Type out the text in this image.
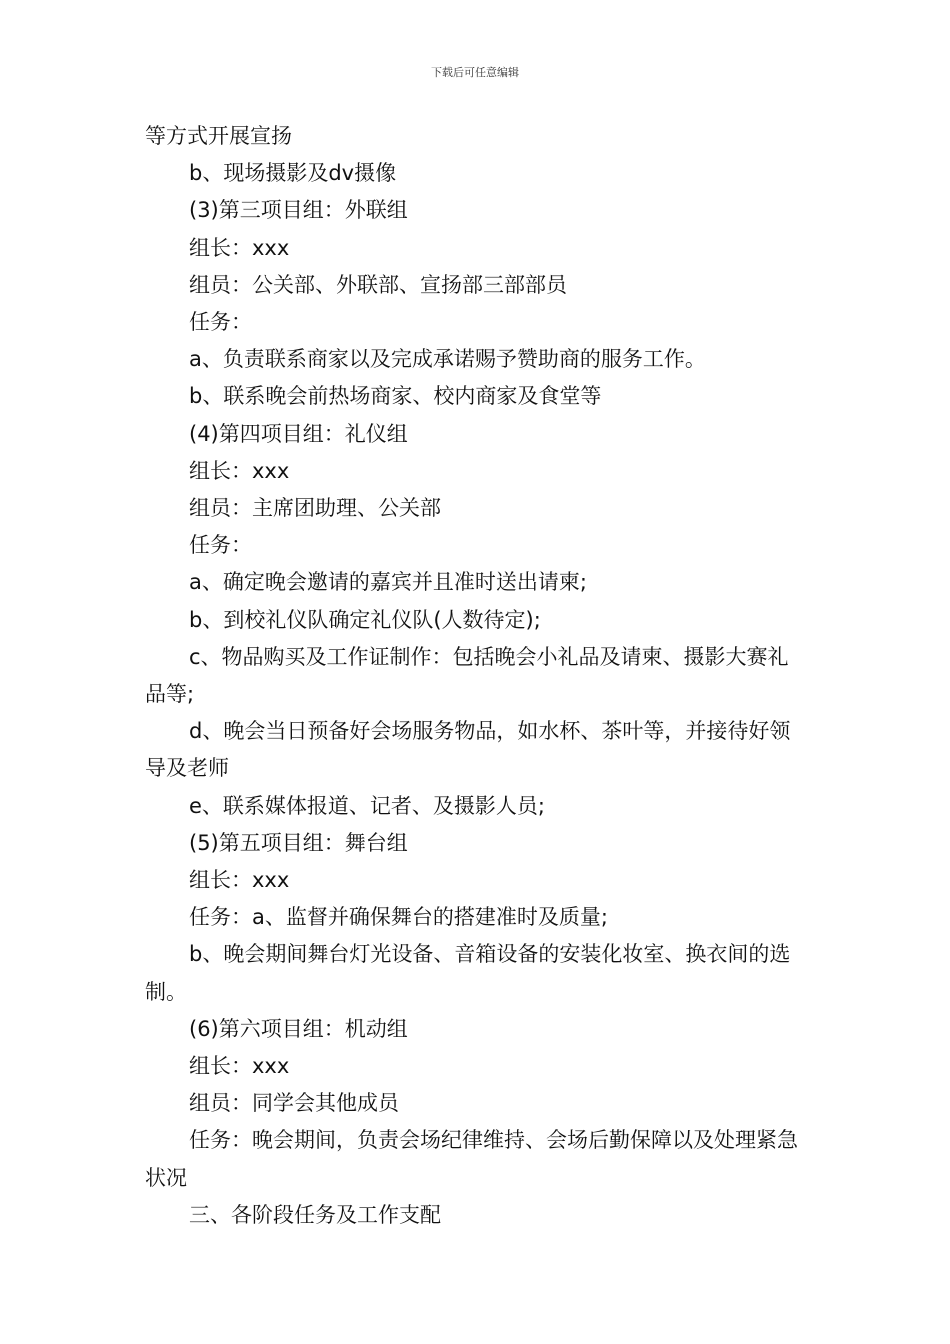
下载后可任意编辑

等方式开展宣扬

b、现场摄影及dv摄像

(3)第三项目组：外联组

组长：xxx

组员：公关部、外联部、宣扬部三部部员

任务：

a、负责联系商家以及完成承诺赐予赞助商的服务工作。

b、联系晚会前热场商家、校内商家及食堂等

(4)第四项目组：礼仪组

组长：xxx

组员：主席团助理、公关部

任务：

a、确定晚会邀请的嘉宾并且准时送出请柬;

b、到校礼仪队确定礼仪队(人数待定);

c、物品购买及工作证制作：包括晚会小礼品及请柬、摄影大赛礼品等;

d、晚会当日预备好会场服务物品，如水杯、茶叶等，并接待好领导及老师

e、联系媒体报道、记者、及摄影人员;

(5)第五项目组：舞台组

组长：xxx

任务：a、监督并确保舞台的搭建准时及质量;

b、晚会期间舞台灯光设备、音箱设备的安装化妆室、换衣间的选制。

(6)第六项目组：机动组

组长：xxx

组员：同学会其他成员

任务：晚会期间，负责会场纪律维持、会场后勤保障以及处理紧急状况

三、各阶段任务及工作支配
